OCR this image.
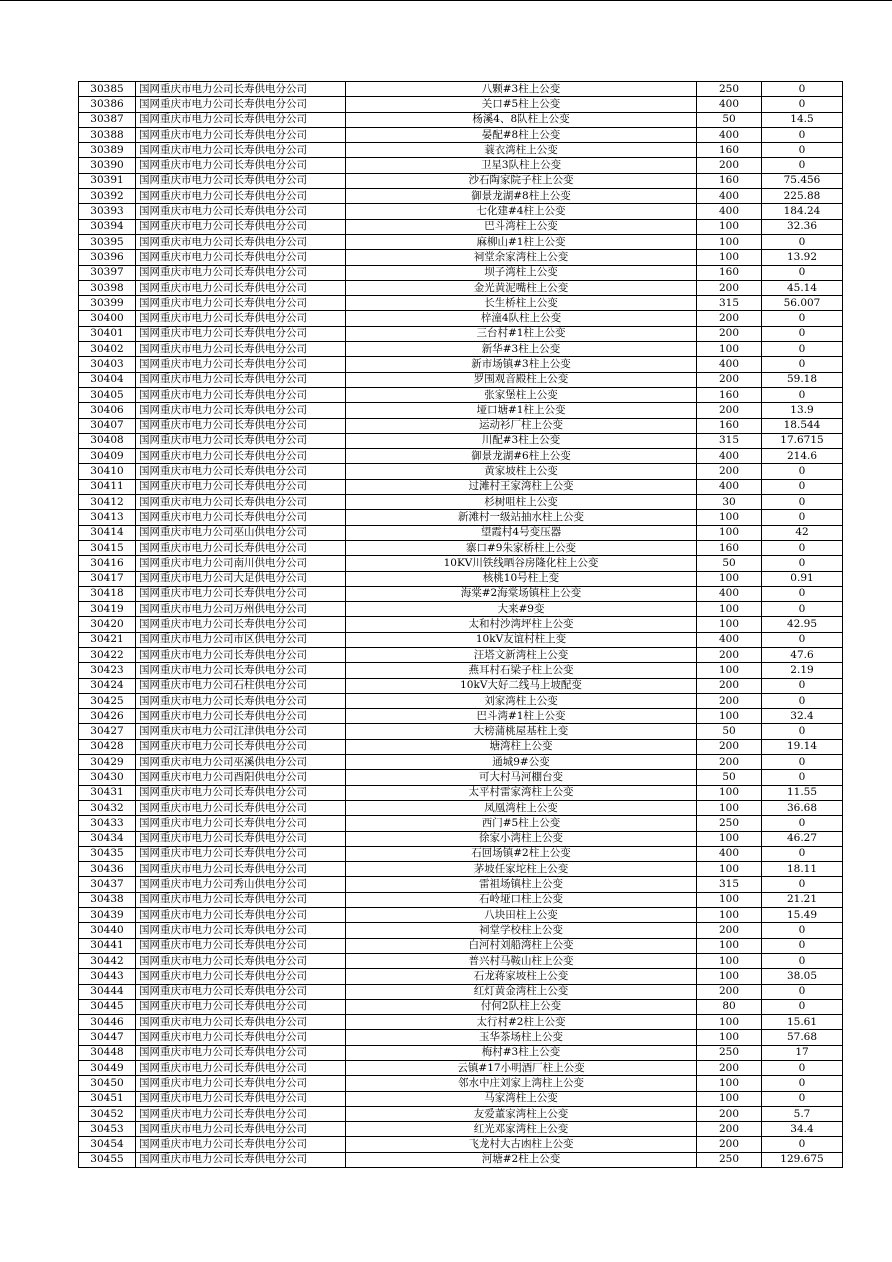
30385	国网重庆市电力公司长寿供电分公司	八颗#3柱上公变	250	0
30386	国网重庆市电力公司长寿供电分公司	关口#5柱上公变	400	0
30387	国网重庆市电力公司长寿供电分公司	杨溪4、8队柱上公变	50	14.5
30388	国网重庆市电力公司长寿供电分公司	晏配#8柱上公变	400	0
30389	国网重庆市电力公司长寿供电分公司	蓑衣湾柱上公变	160	0
30390	国网重庆市电力公司长寿供电分公司	卫星3队柱上公变	200	0
30391	国网重庆市电力公司长寿供电分公司	沙石陶家院子柱上公变	160	75.456
30392	国网重庆市电力公司长寿供电分公司	御景龙湖#8柱上公变	400	225.88
30393	国网重庆市电力公司长寿供电分公司	七化建#4柱上公变	400	184.24
30394	国网重庆市电力公司长寿供电分公司	巴斗湾柱上公变	100	32.36
30395	国网重庆市电力公司长寿供电分公司	麻柳山#1柱上公变	100	0
30396	国网重庆市电力公司长寿供电分公司	祠堂余家湾柱上公变	100	13.92
30397	国网重庆市电力公司长寿供电分公司	坝子湾柱上公变	160	0
30398	国网重庆市电力公司长寿供电分公司	金光黄泥嘴柱上公变	200	45.14
30399	国网重庆市电力公司长寿供电分公司	长生桥柱上公变	315	56.007
30400	国网重庆市电力公司长寿供电分公司	梓潼4队柱上公变	200	0
30401	国网重庆市电力公司长寿供电分公司	三台村#1柱上公变	200	0
30402	国网重庆市电力公司长寿供电分公司	新华#3柱上公变	100	0
30403	国网重庆市电力公司长寿供电分公司	新市场镇#3柱上公变	400	0
30404	国网重庆市电力公司长寿供电分公司	罗围观音殿柱上公变	200	59.18
30405	国网重庆市电力公司长寿供电分公司	张家堡柱上公变	160	0
30406	国网重庆市电力公司长寿供电分公司	垭口塘#1柱上公变	200	13.9
30407	国网重庆市电力公司长寿供电分公司	运动衫厂柱上公变	160	18.544
30408	国网重庆市电力公司长寿供电分公司	川配#3柱上公变	315	17.6715
30409	国网重庆市电力公司长寿供电分公司	御景龙湖#6柱上公变	400	214.6
30410	国网重庆市电力公司长寿供电分公司	黄家坡柱上公变	200	0
30411	国网重庆市电力公司长寿供电分公司	过滩村王家湾柱上公变	400	0
30412	国网重庆市电力公司长寿供电分公司	杉树咀柱上公变	30	0
30413	国网重庆市电力公司长寿供电分公司	新滩村一级站抽水柱上公变	100	0
30414	国网重庆市电力公司巫山供电分公司	望霞村4号变压器	100	42
30415	国网重庆市电力公司长寿供电分公司	寨口#9朱家桥柱上公变	160	0
30416	国网重庆市电力公司南川供电分公司	10KV川铁线晒谷房隆化柱上公变	50	0
30417	国网重庆市电力公司大足供电分公司	核桃10号柱上变	100	0.91
30418	国网重庆市电力公司长寿供电分公司	海棠#2海棠场镇柱上公变	400	0
30419	国网重庆市电力公司万州供电分公司	大来#9变	100	0
30420	国网重庆市电力公司长寿供电分公司	太和村沙湾坪柱上公变	100	42.95
30421	国网重庆市电力公司市区供电分公司	10kV友谊村柱上变	400	0
30422	国网重庆市电力公司长寿供电分公司	汪塔文新湾柱上公变	200	47.6
30423	国网重庆市电力公司长寿供电分公司	燕耳村石梁子柱上公变	100	2.19
30424	国网重庆市电力公司石柱供电分公司	10kV大好二线马上坡配变	200	0
30425	国网重庆市电力公司长寿供电分公司	刘家湾柱上公变	200	0
30426	国网重庆市电力公司长寿供电分公司	巴斗湾#1柱上公变	100	32.4
30427	国网重庆市电力公司江津供电分公司	大榜蒲桃屋基柱上变	50	0
30428	国网重庆市电力公司长寿供电分公司	塘湾柱上公变	200	19.14
30429	国网重庆市电力公司巫溪供电分公司	通城9#公变	200	0
30430	国网重庆市电力公司酉阳供电分公司	可大村马河棚台变	50	0
30431	国网重庆市电力公司长寿供电分公司	太平村雷家湾柱上公变	100	11.55
30432	国网重庆市电力公司长寿供电分公司	凤凰湾柱上公变	100	36.68
30433	国网重庆市电力公司长寿供电分公司	西门#5柱上公变	250	0
30434	国网重庆市电力公司长寿供电分公司	徐家小湾柱上公变	100	46.27
30435	国网重庆市电力公司长寿供电分公司	石回场镇#2柱上公变	400	0
30436	国网重庆市电力公司长寿供电分公司	茅坡任家坨柱上公变	100	18.11
30437	国网重庆市电力公司秀山供电分公司	雷祖场镇柱上公变	315	0
30438	国网重庆市电力公司长寿供电分公司	石岭垭口柱上公变	100	21.21
30439	国网重庆市电力公司长寿供电分公司	八块田柱上公变	100	15.49
30440	国网重庆市电力公司长寿供电分公司	祠堂学校柱上公变	200	0
30441	国网重庆市电力公司长寿供电分公司	白河村刘船湾柱上公变	100	0
30442	国网重庆市电力公司长寿供电分公司	普兴村马鞍山柱上公变	100	0
30443	国网重庆市电力公司长寿供电分公司	石龙蒋家坡柱上公变	100	38.05
30444	国网重庆市电力公司长寿供电分公司	红灯黄金湾柱上公变	200	0
30445	国网重庆市电力公司长寿供电分公司	付何2队柱上公变	80	0
30446	国网重庆市电力公司长寿供电分公司	太行村#2柱上公变	100	15.61
30447	国网重庆市电力公司长寿供电分公司	玉华茶场柱上公变	100	57.68
30448	国网重庆市电力公司长寿供电分公司	梅村#3柱上公变	250	17
30449	国网重庆市电力公司长寿供电分公司	云镇#17小明酒厂柱上公变	200	0
30450	国网重庆市电力公司长寿供电分公司	邻水中庄刘家上湾柱上公变	100	0
30451	国网重庆市电力公司长寿供电分公司	马家湾柱上公变	100	0
30452	国网重庆市电力公司长寿供电分公司	友爱董家湾柱上公变	200	5.7
30453	国网重庆市电力公司长寿供电分公司	红光邓家湾柱上公变	200	34.4
30454	国网重庆市电力公司长寿供电分公司	飞龙村大古凼柱上公变	200	0
30455	国网重庆市电力公司长寿供电分公司	河塘#2柱上公变	250	129.675
